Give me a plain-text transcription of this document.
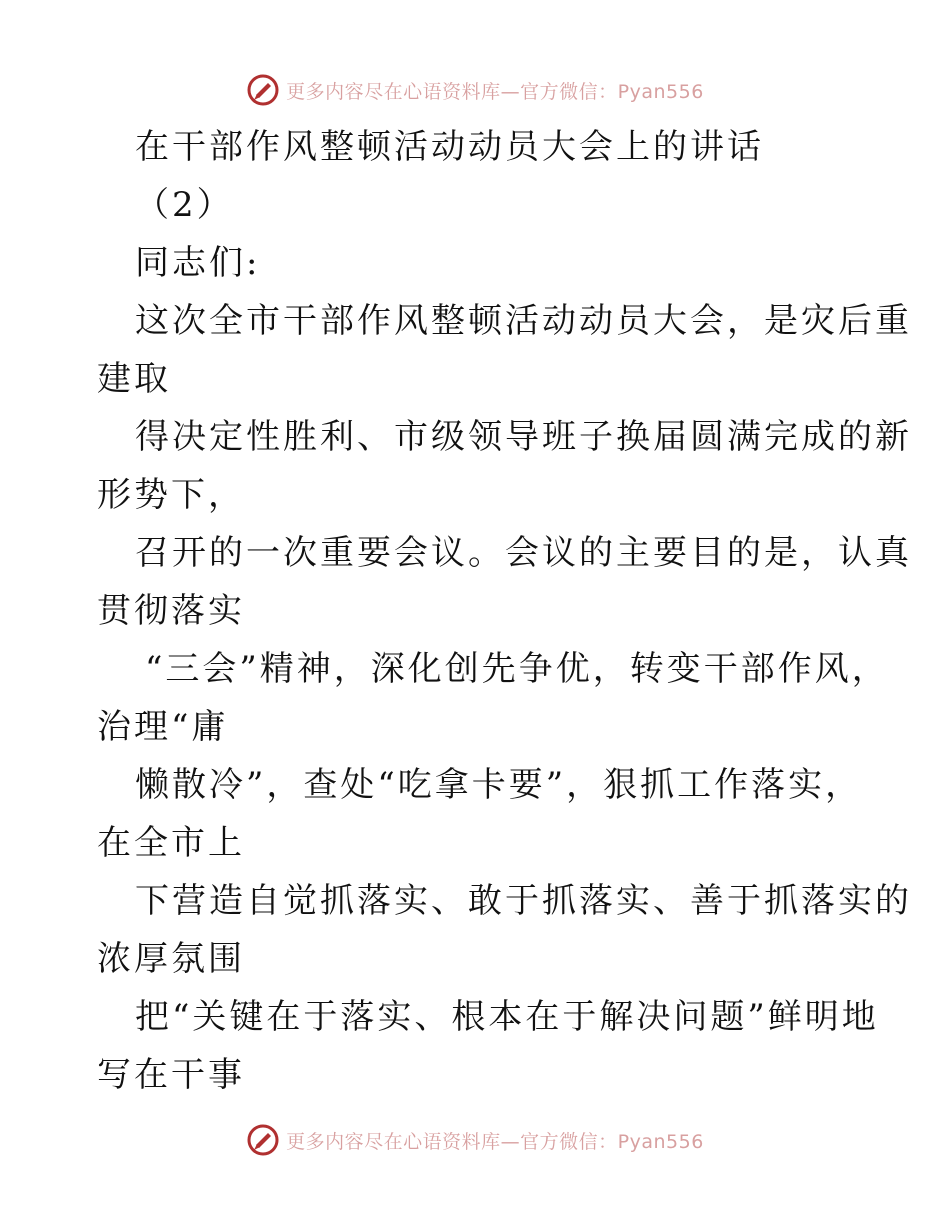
更多内容尽在心语资料库—官方微信：Pyan556
在干部作风整顿活动动员大会上的讲话
（2）
同志们:
这次全市干部作风整顿活动动员大会，是灾后重
建取
得决定性胜利、市级领导班子换届圆满完成的新
形势下，
召开的一次重要会议。会议的主要目的是，认真
贯彻落实
“三会”精神，深化创先争优，转变干部作风，
治理“庸
懒散冷”，查处“吃拿卡要”，狠抓工作落实，
在全市上
下营造自觉抓落实、敢于抓落实、善于抓落实的
浓厚氛围
把“关键在于落实、根本在于解决问题”鲜明地
写在干事
更多内容尽在心语资料库—官方微信：Pyan556
